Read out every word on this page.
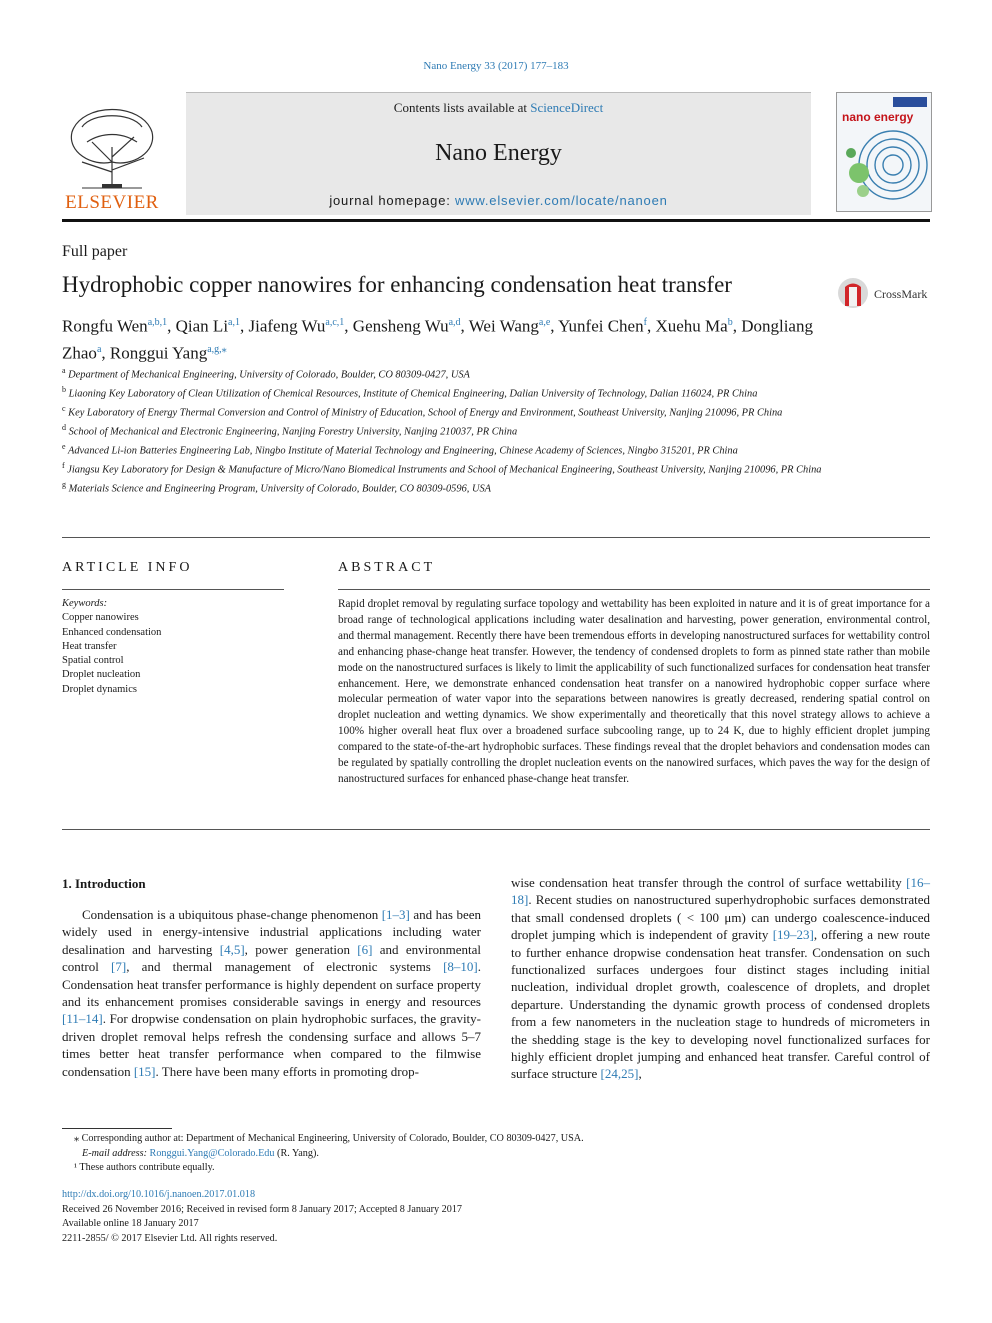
Nano Energy 33 (2017) 177–183
ELSEVIER
Contents lists available at ScienceDirect
Nano Energy
journal homepage: www.elsevier.com/locate/nanoen
nano energy
Full paper
Hydrophobic copper nanowires for enhancing condensation heat transfer	CrossMark
Rongfu Wen$^{a,b,1}$, Qian Li$^{a,1}$, Jiafeng Wu$^{a,c,1}$, Gensheng Wu$^{a,d}$, Wei Wang$^{a,e}$, Yunfei Chen$^f$, Xuehu Ma$^b$, Dongliang Zhao$^a$, Ronggui Yang$^{a,g,⁎}$
$^a$ Department of Mechanical Engineering, University of Colorado, Boulder, CO 80309-0427, USA
$^b$ Liaoning Key Laboratory of Clean Utilization of Chemical Resources, Institute of Chemical Engineering, Dalian University of Technology, Dalian 116024, PR China
$^c$ Key Laboratory of Energy Thermal Conversion and Control of Ministry of Education, School of Energy and Environment, Southeast University, Nanjing 210096, PR China
$^d$ School of Mechanical and Electronic Engineering, Nanjing Forestry University, Nanjing 210037, PR China
$^e$ Advanced Li-ion Batteries Engineering Lab, Ningbo Institute of Material Technology and Engineering, Chinese Academy of Sciences, Ningbo 315201, PR China
$^f$ Jiangsu Key Laboratory for Design & Manufacture of Micro/Nano Biomedical Instruments and School of Mechanical Engineering, Southeast University, Nanjing 210096, PR China
$^g$ Materials Science and Engineering Program, University of Colorado, Boulder, CO 80309-0596, USA
ARTICLE INFO	ABSTRACT
Keywords:
Copper nanowires
Enhanced condensation
Heat transfer
Spatial control
Droplet nucleation
Droplet dynamics
Rapid droplet removal by regulating surface topology and wettability has been exploited in nature and it is of great importance for a broad range of technological applications including water desalination and harvesting, power generation, environmental control, and thermal management. Recently there have been tremendous efforts in developing nanostructured surfaces for wettability control and enhancing phase-change heat transfer. However, the tendency of condensed droplets to form as pinned state rather than mobile mode on the nanostructured surfaces is likely to limit the applicability of such functionalized surfaces for condensation heat transfer enhancement. Here, we demonstrate enhanced condensation heat transfer on a nanowired hydrophobic copper surface where molecular permeation of water vapor into the separations between nanowires is greatly decreased, rendering spatial control on droplet nucleation and wetting dynamics. We show experimentally and theoretically that this novel strategy allows to achieve a 100% higher overall heat flux over a broadened surface subcooling range, up to 24 K, due to highly efficient droplet jumping compared to the state-of-the-art hydrophobic surfaces. These findings reveal that the droplet behaviors and condensation modes can be regulated by spatially controlling the droplet nucleation events on the nanowired surfaces, which paves the way for the design of nanostructured surfaces for enhanced phase-change heat transfer.
1. Introduction
Condensation is a ubiquitous phase-change phenomenon [1–3] and has been widely used in energy-intensive industrial applications including water desalination and harvesting [4,5], power generation [6] and environmental control [7], and thermal management of electronic systems [8–10]. Condensation heat transfer performance is highly dependent on surface property and its enhancement promises considerable savings in energy and resources [11–14]. For dropwise condensation on plain hydrophobic surfaces, the gravity-driven droplet removal helps refresh the condensing surface and allows 5–7 times better heat transfer performance when compared to the filmwise condensation [15]. There have been many efforts in promoting drop-
wise condensation heat transfer through the control of surface wettability [16–18]. Recent studies on nanostructured superhydrophobic surfaces demonstrated that small condensed droplets ( < 100 μm) can undergo coalescence-induced droplet jumping which is independent of gravity [19–23], offering a new route to further enhance dropwise condensation heat transfer. Condensation on such functionalized surfaces undergoes four distinct stages including initial nucleation, individual droplet growth, coalescence of droplets, and droplet departure. Understanding the dynamic growth process of condensed droplets from a few nanometers in the nucleation stage to hundreds of micrometers in the shedding stage is the key to developing novel functionalized surfaces for highly efficient droplet jumping and enhanced heat transfer. Careful control of surface structure [24,25],
⁎ Corresponding author at: Department of Mechanical Engineering, University of Colorado, Boulder, CO 80309-0427, USA.
E-mail address: Ronggui.Yang@Colorado.Edu (R. Yang).
¹ These authors contribute equally.
http://dx.doi.org/10.1016/j.nanoen.2017.01.018
Received 26 November 2016; Received in revised form 8 January 2017; Accepted 8 January 2017
Available online 18 January 2017
2211-2855/ © 2017 Elsevier Ltd. All rights reserved.
